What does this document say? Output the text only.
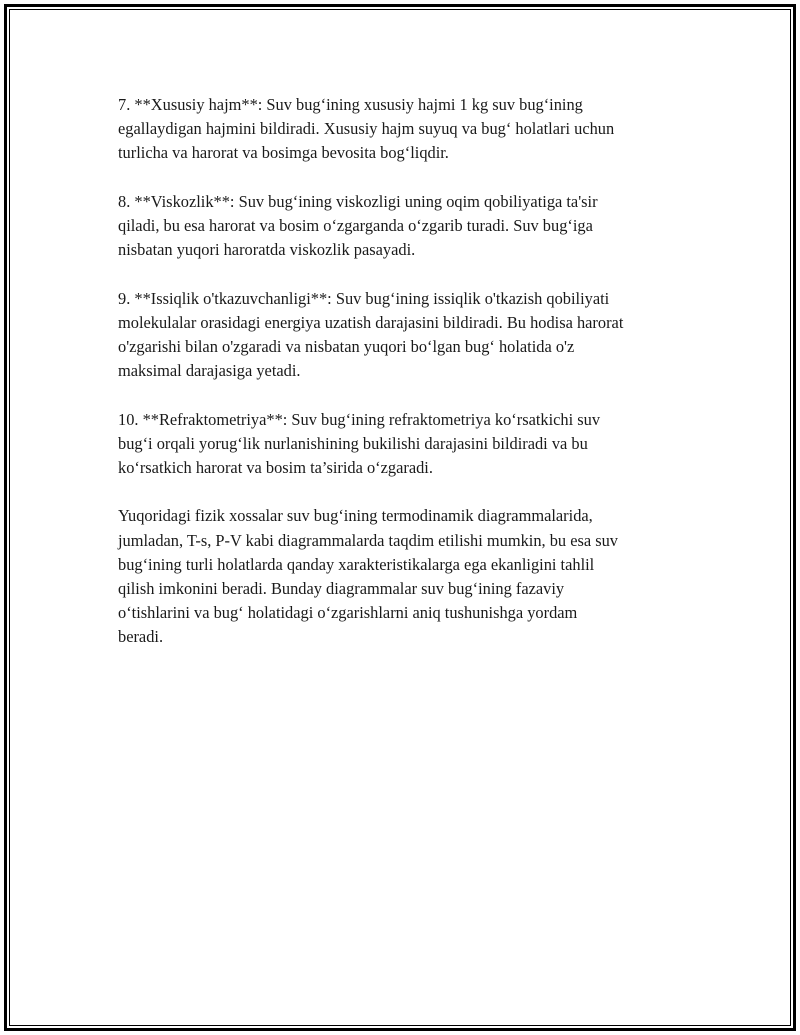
7. **Xususiy hajm**: Suv bug‘ining xususiy hajmi 1 kg suv bug‘ining
egallaydigan hajmini bildiradi. Xususiy hajm suyuq va bug‘ holatlari uchun
turlicha va harorat va bosimga bevosita bog‘liqdir.

8. **Viskozlik**: Suv bug‘ining viskozligi uning oqim qobiliyatiga ta'sir
qiladi, bu esa harorat va bosim o‘zgarganda o‘zgarib turadi. Suv bug‘iga
nisbatan yuqori haroratda viskozlik pasayadi.

9. **Issiqlik o'tkazuvchanligi**: Suv bug‘ining issiqlik o'tkazish qobiliyati
molekulalar orasidagi energiya uzatish darajasini bildiradi. Bu hodisa harorat
o'zgarishi bilan o'zgaradi va nisbatan yuqori bo‘lgan bug‘ holatida o'z
maksimal darajasiga yetadi.

10. **Refraktometriya**: Suv bug‘ining refraktometriya ko‘rsatkichi suv
bug‘i orqali yorug‘lik nurlanishining bukilishi darajasini bildiradi va bu
ko‘rsatkich harorat va bosim ta’sirida o‘zgaradi.

Yuqoridagi fizik xossalar suv bug‘ining termodinamik diagrammalarida,
jumladan, T-s, P-V kabi diagrammalarda taqdim etilishi mumkin, bu esa suv
bug‘ining turli holatlarda qanday xarakteristikalarga ega ekanligini tahlil
qilish imkonini beradi. Bunday diagrammalar suv bug‘ining fazaviy
o‘tishlarini va bug‘ holatidagi o‘zgarishlarni aniq tushunishga yordam
beradi.
